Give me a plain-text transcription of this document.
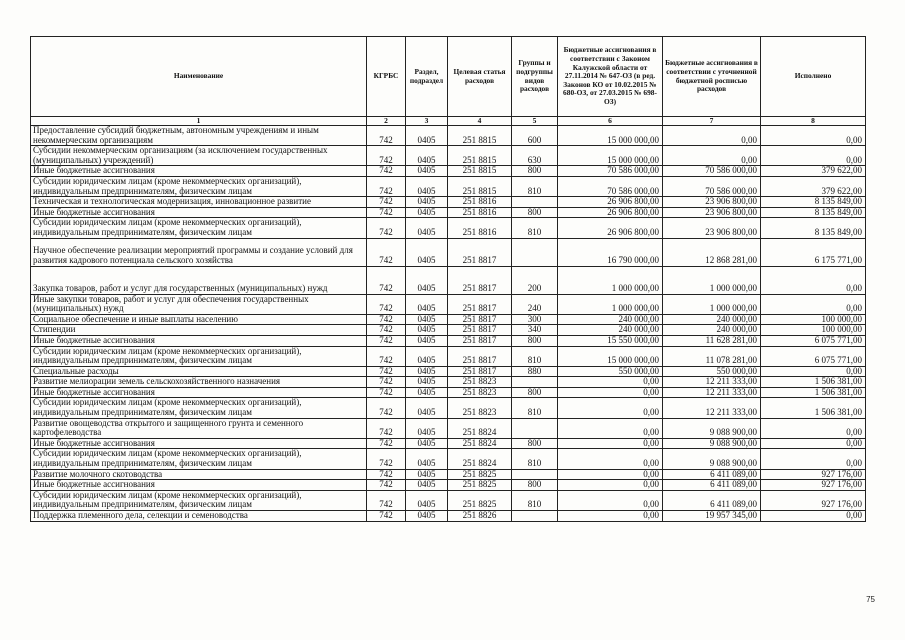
Наименование	КГРБС	Раздел, подраздел	Целевая статья расходов	Группы и подгруппы видов расходов	Бюджетные ассигнования в соответствии с Законом Калужской области от 27.11.2014 № 647-ОЗ (в ред. Законов КО от 10.02.2015 № 680-ОЗ, от 27.03.2015 № 698-ОЗ)	Бюджетные ассигнования в соответствии с уточненной бюджетной росписью расходов	Исполнено
1	2	3	4	5	6	7	8
Предоставление субсидий бюджетным, автономным учреждениям и иным некоммерческим организациям	742	0405	251 8815	600	15 000 000,00	0,00	0,00
Субсидии некоммерческим организациям (за исключением государственных (муниципальных) учреждений)	742	0405	251 8815	630	15 000 000,00	0,00	0,00
Иные бюджетные ассигнования	742	0405	251 8815	800	70 586 000,00	70 586 000,00	379 622,00
Субсидии юридическим лицам (кроме некоммерческих организаций), индивидуальным предпринимателям, физическим лицам	742	0405	251 8815	810	70 586 000,00	70 586 000,00	379 622,00
Техническая и технологическая модернизация, инновационное развитие	742	0405	251 8816		26 906 800,00	23 906 800,00	8 135 849,00
Иные бюджетные ассигнования	742	0405	251 8816	800	26 906 800,00	23 906 800,00	8 135 849,00
Субсидии юридическим лицам (кроме некоммерческих организаций), индивидуальным предпринимателям, физическим лицам	742	0405	251 8816	810	26 906 800,00	23 906 800,00	8 135 849,00
Научное обеспечение реализации мероприятий программы и создание условий для развития кадрового потенциала сельского хозяйства	742	0405	251 8817		16 790 000,00	12 868 281,00	6 175 771,00
Закупка товаров, работ и услуг для государственных (муниципальных) нужд	742	0405	251 8817	200	1 000 000,00	1 000 000,00	0,00
Иные закупки товаров, работ и услуг для обеспечения государственных (муниципальных) нужд	742	0405	251 8817	240	1 000 000,00	1 000 000,00	0,00
Социальное обеспечение и иные выплаты населению	742	0405	251 8817	300	240 000,00	240 000,00	100 000,00
Стипендии	742	0405	251 8817	340	240 000,00	240 000,00	100 000,00
Иные бюджетные ассигнования	742	0405	251 8817	800	15 550 000,00	11 628 281,00	6 075 771,00
Субсидии юридическим лицам (кроме некоммерческих организаций), индивидуальным предпринимателям, физическим лицам	742	0405	251 8817	810	15 000 000,00	11 078 281,00	6 075 771,00
Специальные расходы	742	0405	251 8817	880	550 000,00	550 000,00	0,00
Развитие мелиорации земель сельскохозяйственного назначения	742	0405	251 8823		0,00	12 211 333,00	1 506 381,00
Иные бюджетные ассигнования	742	0405	251 8823	800	0,00	12 211 333,00	1 506 381,00
Субсидии юридическим лицам (кроме некоммерческих организаций), индивидуальным предпринимателям, физическим лицам	742	0405	251 8823	810	0,00	12 211 333,00	1 506 381,00
Развитие овощеводства открытого и защищенного грунта и семенного картофелеводства	742	0405	251 8824		0,00	9 088 900,00	0,00
Иные бюджетные ассигнования	742	0405	251 8824	800	0,00	9 088 900,00	0,00
Субсидии юридическим лицам (кроме некоммерческих организаций), индивидуальным предпринимателям, физическим лицам	742	0405	251 8824	810	0,00	9 088 900,00	0,00
Развитие молочного скотоводства	742	0405	251 8825		0,00	6 411 089,00	927 176,00
Иные бюджетные ассигнования	742	0405	251 8825	800	0,00	6 411 089,00	927 176,00
Субсидии юридическим лицам (кроме некоммерческих организаций), индивидуальным предпринимателям, физическим лицам	742	0405	251 8825	810	0,00	6 411 089,00	927 176,00
Поддержка племенного дела, селекции и семеноводства	742	0405	251 8826		0,00	19 957 345,00	0,00
75
